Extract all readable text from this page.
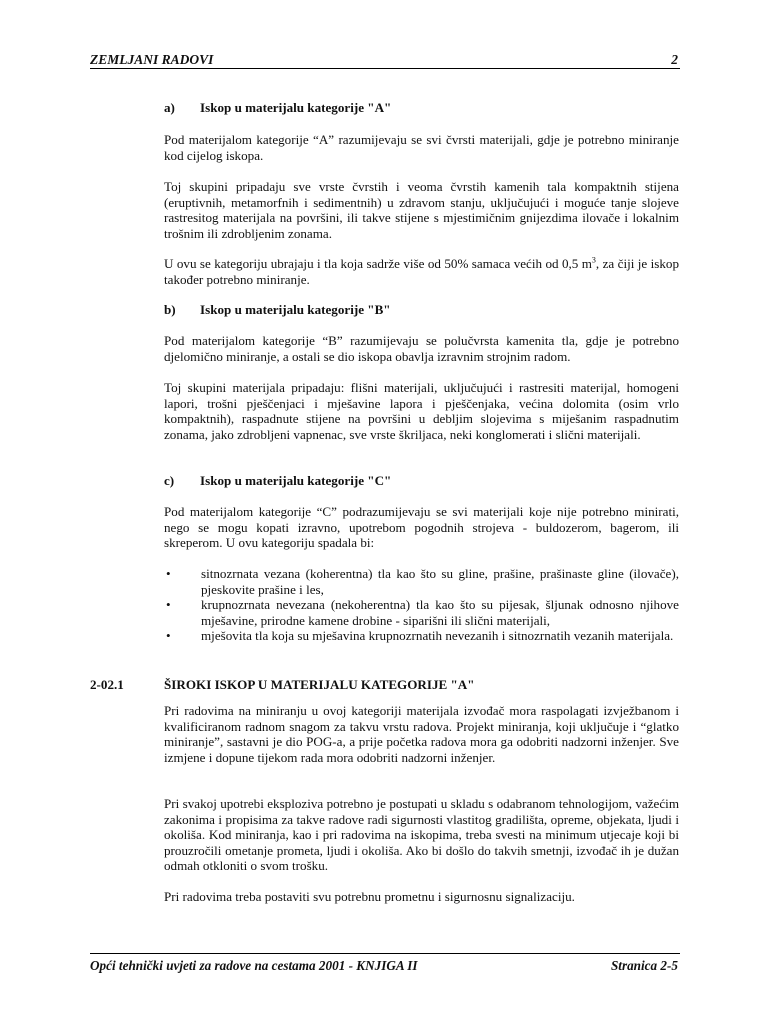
ZEMLJANI RADOVI	2
a) Iskop u materijalu kategorije "A"

Pod materijalom kategorije “A” razumijevaju se svi čvrsti materijali, gdje je potrebno miniranje kod cijelog iskopa.

Toj skupini pripadaju sve vrste čvrstih i veoma čvrstih kamenih tala kompaktnih stijena (eruptivnih, metamorfnih i sedimentnih) u zdravom stanju, uključujući i moguće tanje slojeve rastresitog materijala na površini, ili takve stijene s mjestimičnim gnijezdima ilovače i lokalnim trošnim ili zdrobljenim zonama.

U ovu se kategoriju ubrajaju i tla koja sadrže više od 50% samaca većih od 0,5 $m^3$, za čiji je iskop također potrebno miniranje.

b) Iskop u materijalu kategorije "B"

Pod materijalom kategorije “B” razumijevaju se polučvrsta kamenita tla, gdje je potrebno djelomično miniranje, a ostali se dio iskopa obavlja izravnim strojnim radom.

Toj skupini materijala pripadaju: flišni materijali, uključujući i rastresiti materijal, homogeni lapori, trošni pješčenjaci i mješavine lapora i pješčenjaka, većina dolomita (osim vrlo kompaktnih), raspadnute stijene na površini u debljim slojevima s miješanim raspadnutim zonama, jako zdrobljeni vapnenac, sve vrste škriljaca, neki konglomerati i slični materijali.

c) Iskop u materijalu kategorije "C"

Pod materijalom kategorije “C” podrazumijevaju se svi materijali koje nije potrebno minirati, nego se mogu kopati izravno, upotrebom pogodnih strojeva - buldozerom, bagerom, ili skreperom. U ovu kategoriju spadala bi:

• sitnozrnata vezana (koherentna) tla kao što su gline, prašine, prašinaste gline (ilovače), pjeskovite prašine i les,
• krupnozrnata nevezana (nekoherentna) tla kao što su pijesak, šljunak odnosno njihove mješavine, prirodne kamene drobine - siparišni ili slični materijali,
• mješovita tla koja su mješavina krupnozrnatih nevezanih i sitnozrnatih vezanih materijala.
2-02.1	ŠIROKI ISKOP U MATERIJALU KATEGORIJE "A"

Pri radovima na miniranju u ovoj kategoriji materijala izvođač mora raspolagati izvježbanom i kvalificiranom radnom snagom za takvu vrstu radova. Projekt miniranja, koji uključuje i “glatko miniranje”, sastavni je dio POG-a, a prije početka radova mora ga odobriti nadzorni inženjer. Sve izmjene i dopune tijekom rada mora odobriti nadzorni inženjer.

Pri svakoj upotrebi eksploziva potrebno je postupati u skladu s odabranom tehnologijom, važećim zakonima i propisima za takve radove radi sigurnosti vlastitog gradilišta, opreme, objekata, ljudi i okoliša. Kod miniranja, kao i pri radovima na iskopima, treba svesti na minimum utjecaje koji bi prouzročili ometanje prometa, ljudi i okoliša. Ako bi došlo do takvih smetnji, izvođač ih je dužan odmah otkloniti o svom trošku.

Pri radovima treba postaviti svu potrebnu prometnu i sigurnosnu signalizaciju.

Opći tehnički uvjeti za radove na cestama 2001 - KNJIGA II	Stranica 2-5
